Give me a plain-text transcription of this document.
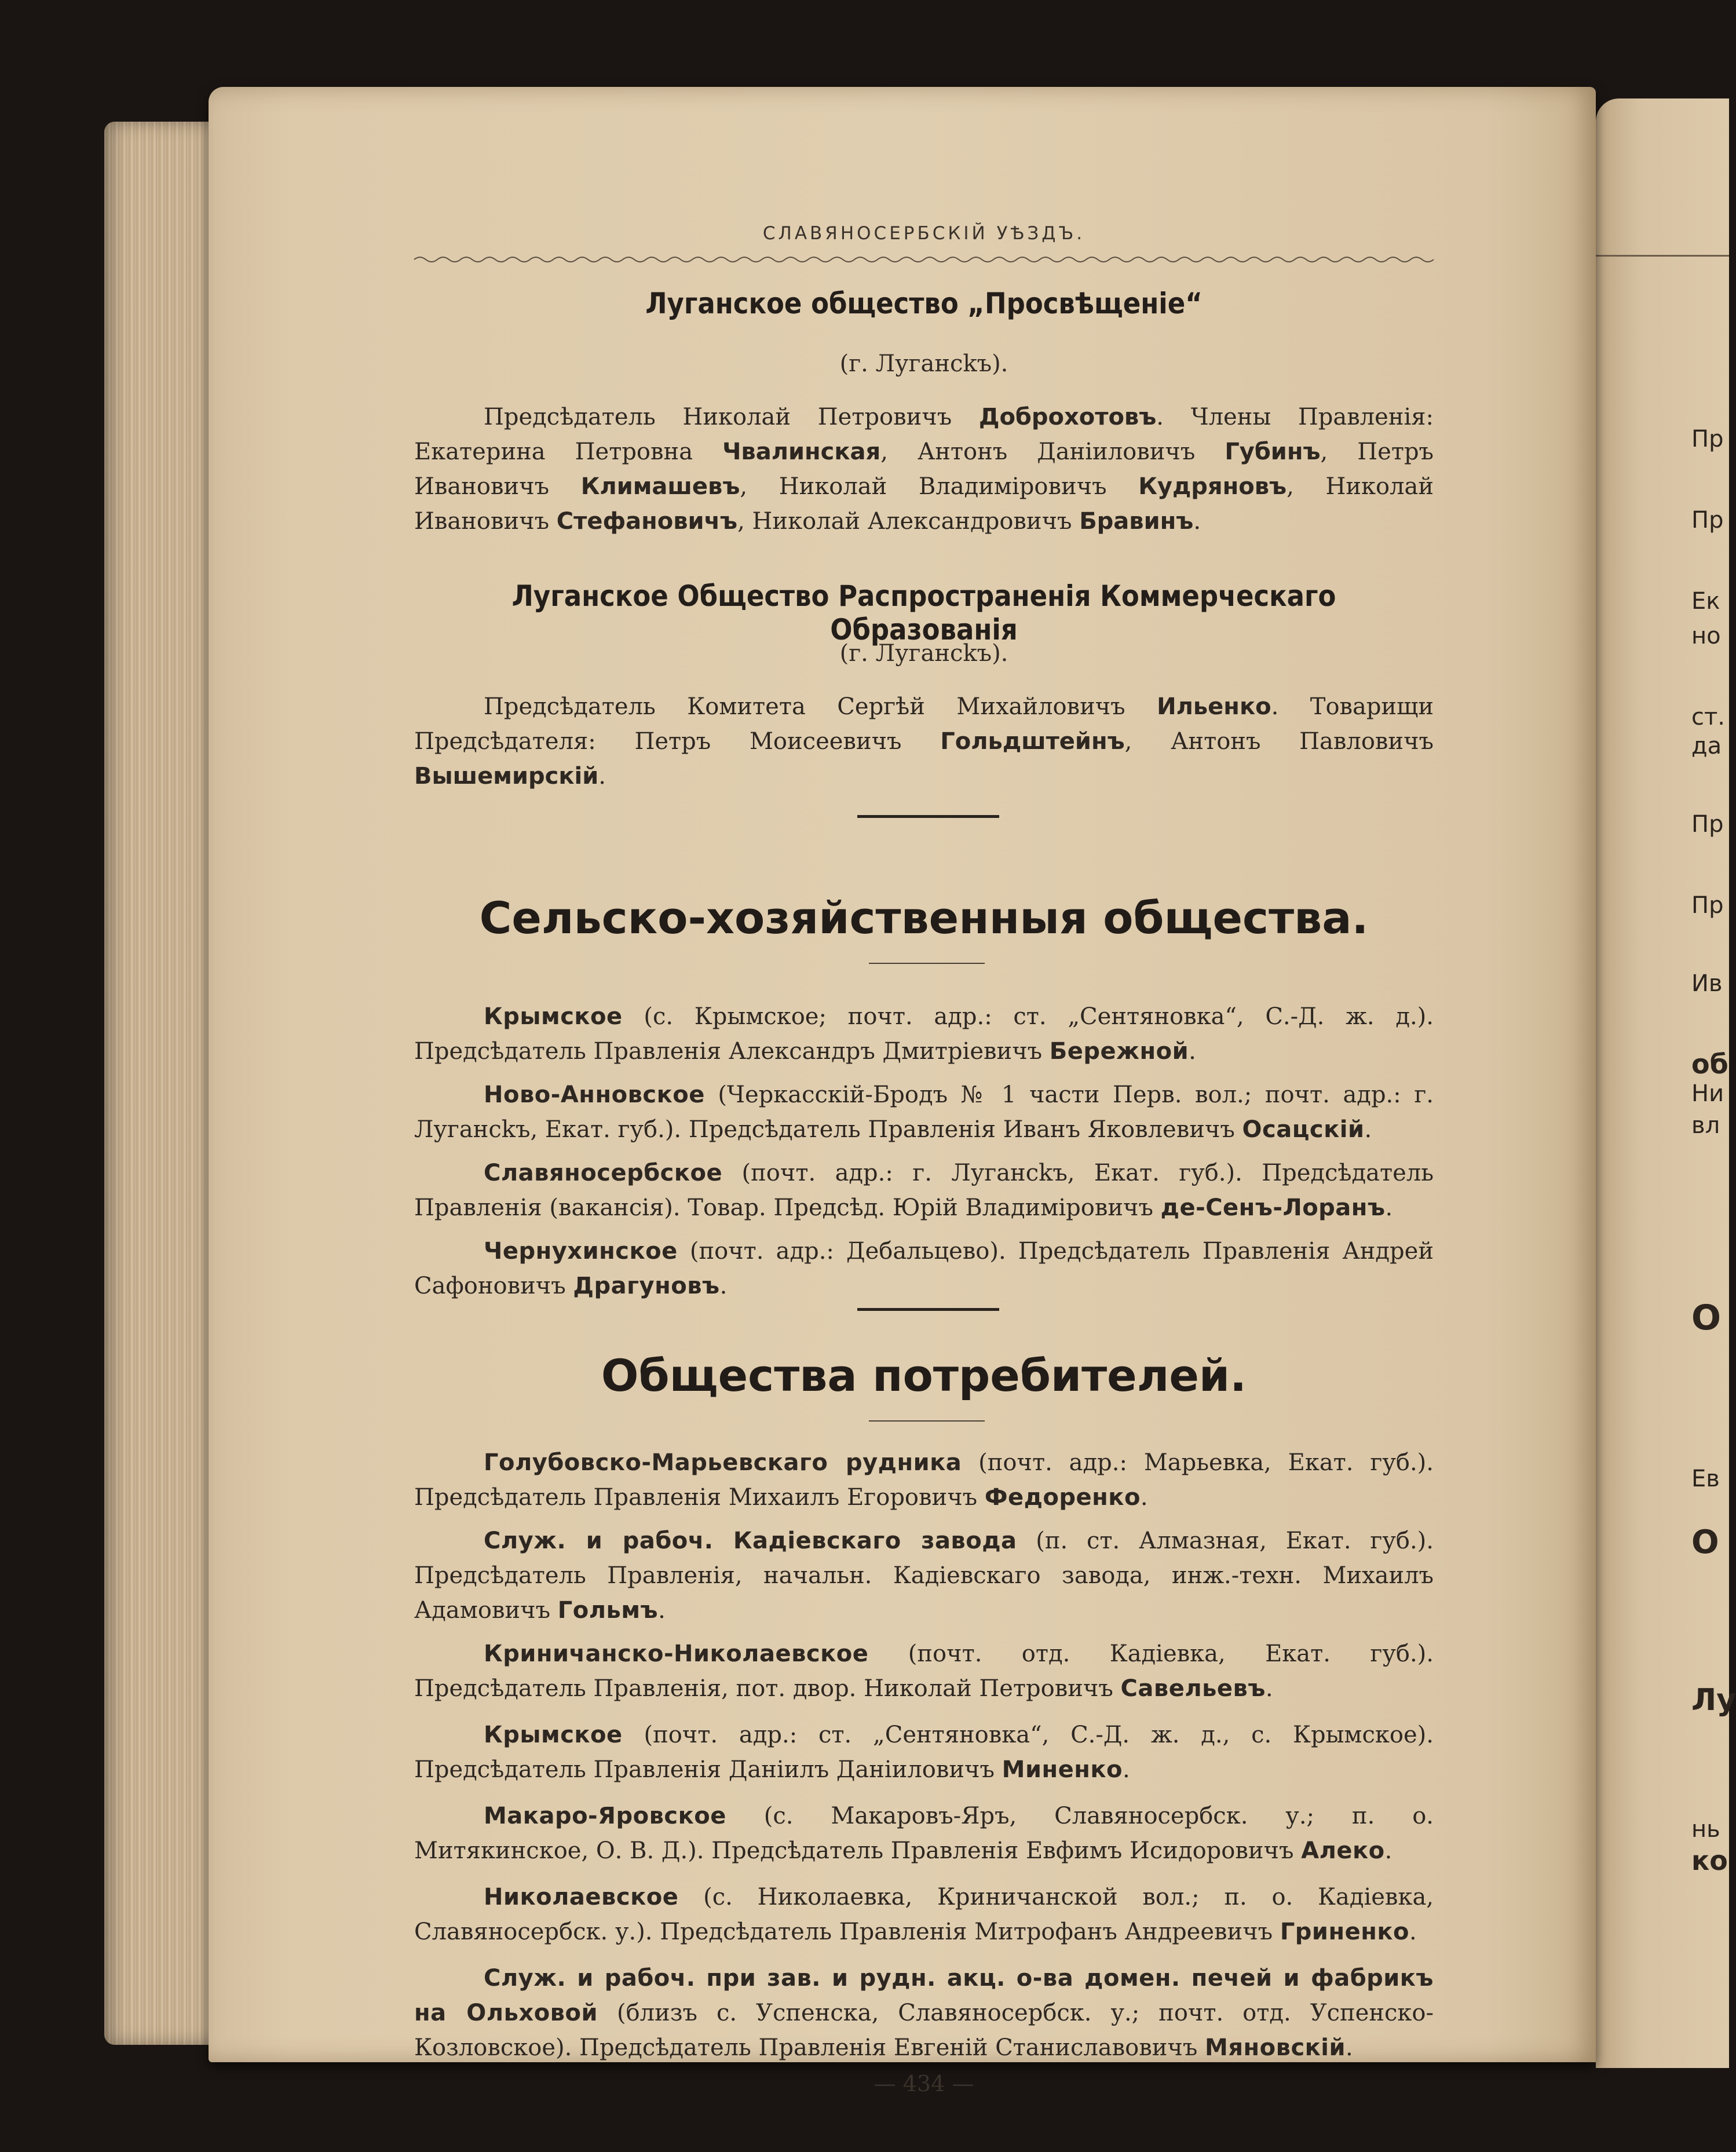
Пр
Пр
Ек
но
ст.
да
Пр
Пр
Ив
об
Ни
вл
О
Ев
О
Лу
нь
ко
СЛАВЯНОСЕРБСКІЙ УѢЗДЪ.
Луганское общество „Просвѣщеніе“
(г. Лугансkъ).
Предсѣдатель Николай Петровичъ Доброхотовъ. Члены Правленія: Екатерина Петровна Чвалинская, Антонъ Даніиловичъ Губинъ, Петръ Ивановичъ Климашевъ, Николай Владиміровичъ Кудряновъ, Николай Ивановичъ Стефановичъ, Николай Александровичъ Бравинъ.
Луганское Общество Распространенія Коммерческаго Образованія
(г. Лугансkъ).
Предсѣдатель Комитета Сергѣй Михайловичъ Ильенко. Товарищи Предсѣдателя: Петръ Моисеевичъ Гольдштейнъ, Антонъ Павловичъ Вышемирскій.
Сельско-хозяйственныя общества.
Крымское (с. Крымское; почт. адр.: ст. „Сентяновка“, С.-Д. ж. д.). Предсѣдатель Правленія Александръ Дмитріевичъ Бережной.
Ново-Анновское (Черкасскій-Бродъ № 1 части Перв. вол.; почт. адр.: г. Лугансkъ, Екат. губ.). Предсѣдатель Правленія Иванъ Яковлевичъ Осацскій.
Славяносербское (почт. адр.: г. Лугансkъ, Екат. губ.). Предсѣдатель Правленія (вакансія). Товар. Предсѣд. Юрій Владиміровичъ де-Сенъ-Лоранъ.
Чернухинское (почт. адр.: Дебальцево). Предсѣдатель Правленія Андрей Сафоновичъ Драгуновъ.
Общества потребителей.
Голубовско-Марьевскаго рудника (почт. адр.: Марьевка, Екат. губ.). Предсѣдатель Правленія Михаилъ Егоровичъ Федоренко.
Служ. и рабоч. Кадіевскаго завода (п. ст. Алмазная, Екат. губ.). Предсѣдатель Правленія, начальн. Кадіевскаго завода, инж.-техн. Михаилъ Адамовичъ Гольмъ.
Криничанско-Николаевское (почт. отд. Кадіевка, Екат. губ.). Предсѣдатель Правленія, пот. двор. Николай Петровичъ Савельевъ.
Крымское (почт. адр.: ст. „Сентяновка“, С.-Д. ж. д., с. Крымское). Предсѣдатель Правленія Даніилъ Даніиловичъ Миненко.
Макаро-Яровское (с. Макаровъ-Яръ, Славяносербск. у.; п. о. Митякинское, О. В. Д.). Предсѣдатель Правленія Евфимъ Исидоровичъ Алеко.
Николаевское (с. Николаевка, Криничанской вол.; п. о. Кадіевка, Славяносербск. у.). Предсѣдатель Правленія Митрофанъ Андреевичъ Гриненко.
Служ. и рабоч. при зав. и рудн. акц. о-ва домен. печей и фабрикъ на Ольховой (близъ с. Успенска, Славяносербск. у.; почт. отд. Успенско-Козловское). Предсѣдатель Правленія Евгеній Станиславовичъ Мяновскій.
— 434 —
